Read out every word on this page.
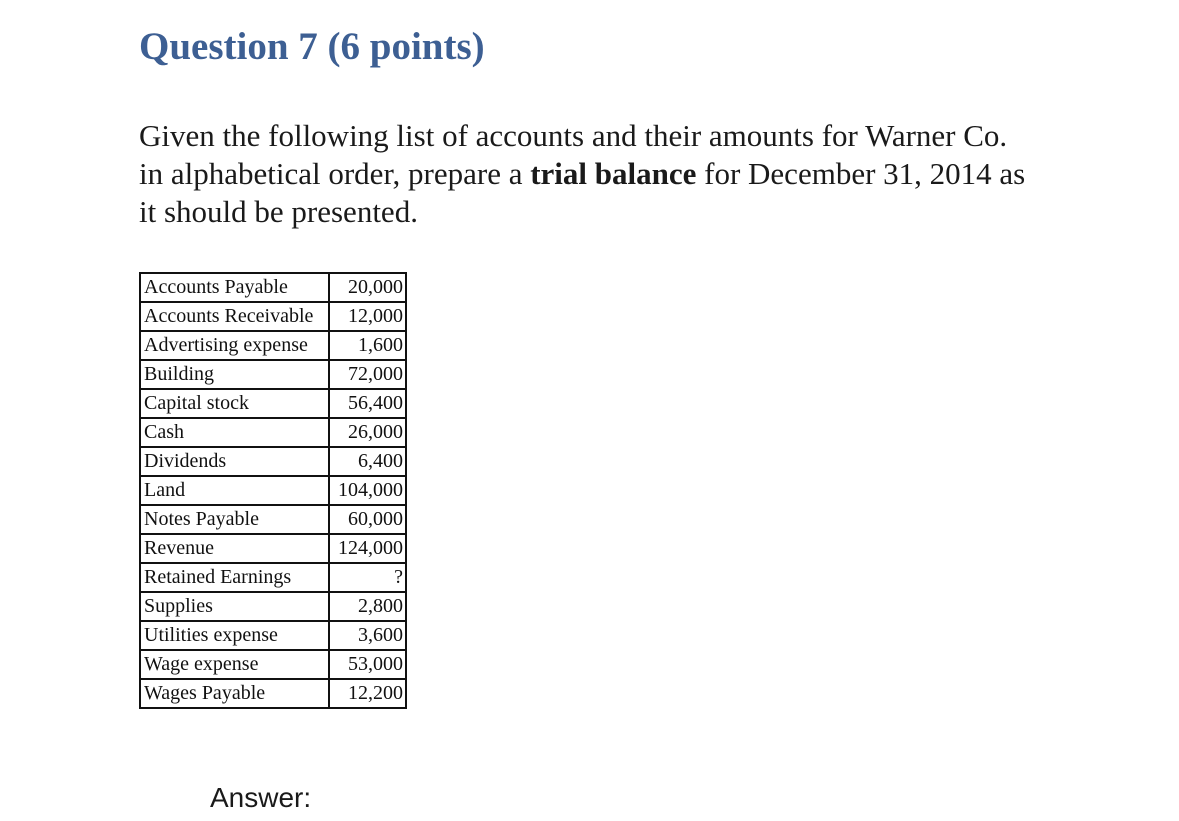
Question 7 (6 points)

Given the following list of accounts and their amounts for Warner Co. in alphabetical order, prepare a trial balance for December 31, 2014 as it should be presented.

Accounts Payable	20,000
Accounts Receivable	12,000
Advertising expense	1,600
Building	72,000
Capital stock	56,400
Cash	26,000
Dividends	6,400
Land	104,000
Notes Payable	60,000
Revenue	124,000
Retained Earnings	?
Supplies	2,800
Utilities expense	3,600
Wage expense	53,000
Wages Payable	12,200

Answer:
